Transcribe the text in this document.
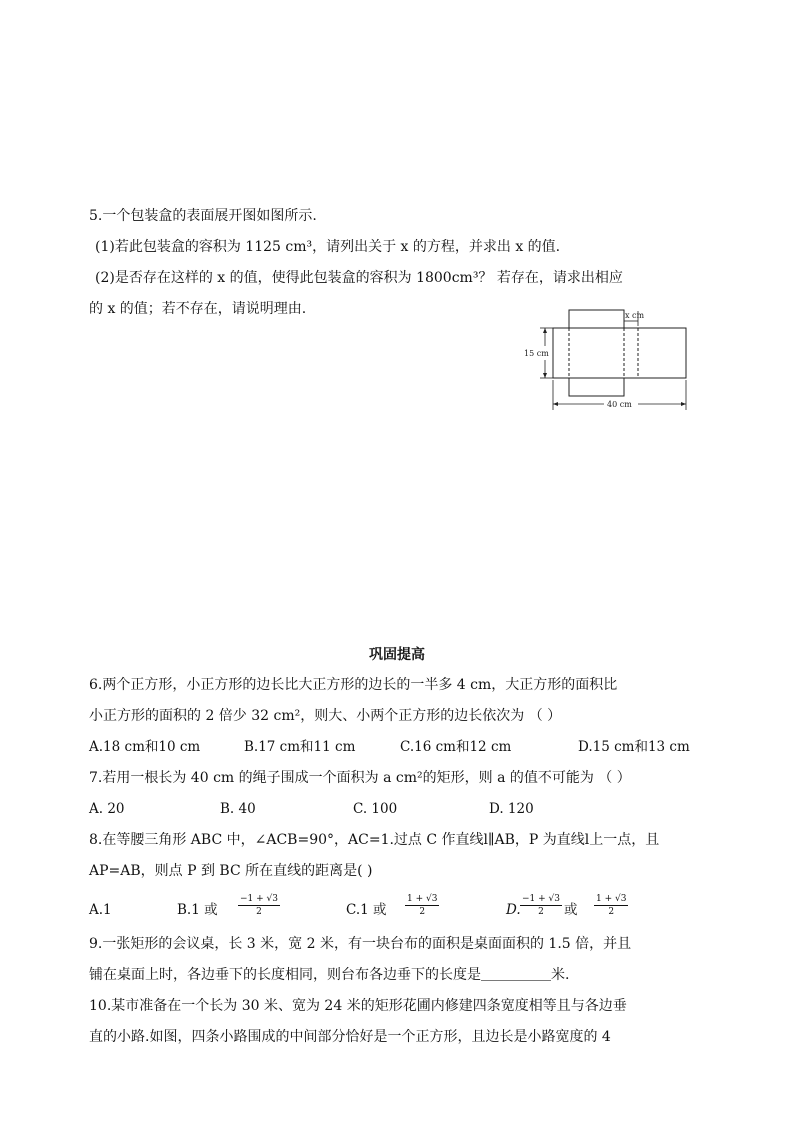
5.一个包装盒的表面展开图如图所示.
(1)若此包装盒的容积为 1125 cm³，请列出关于 x 的方程，并求出 x 的值.
(2)是否存在这样的 x 的值，使得此包装盒的容积为 1800cm³？ 若存在，请求出相应
的 x 的值；若不存在，请说明理由.	x cm
15 cm
40 cm
巩固提高
6.两个正方形，小正方形的边长比大正方形的边长的一半多 4 cm，大正方形的面积比
小正方形的面积的 2 倍少 32 cm²，则大、小两个正方形的边长依次为 （ ）
A.18 cm和10 cm	B.17 cm和11 cm	C.16 cm和12 cm	D.15 cm和13 cm
7.若用一根长为 40 cm 的绳子围成一个面积为 a cm²的矩形，则 a 的值不可能为 （ ）
A. 20	B. 40	C. 100	D. 120
8.在等腰三角形 ABC 中，∠ACB=90°，AC=1.过点 C 作直线l∥AB，P 为直线l上一点，且
AP=AB，则点 P 到 BC 所在直线的距离是( )
A.1	B.1 或
−1 + √3
2	C.1 或
1 + √3
2	D.
−1 + √3
2	或
1 + √3
2
9.一张矩形的会议桌，长 3 米，宽 2 米，有一块台布的面积是桌面面积的 1.5 倍，并且
铺在桌面上时，各边垂下的长度相同，则台布各边垂下的长度是＿＿＿＿＿米.
10.某市准备在一个长为 30 米、宽为 24 米的矩形花圃内修建四条宽度相等且与各边垂
直的小路.如图，四条小路围成的中间部分恰好是一个正方形，且边长是小路宽度的 4
